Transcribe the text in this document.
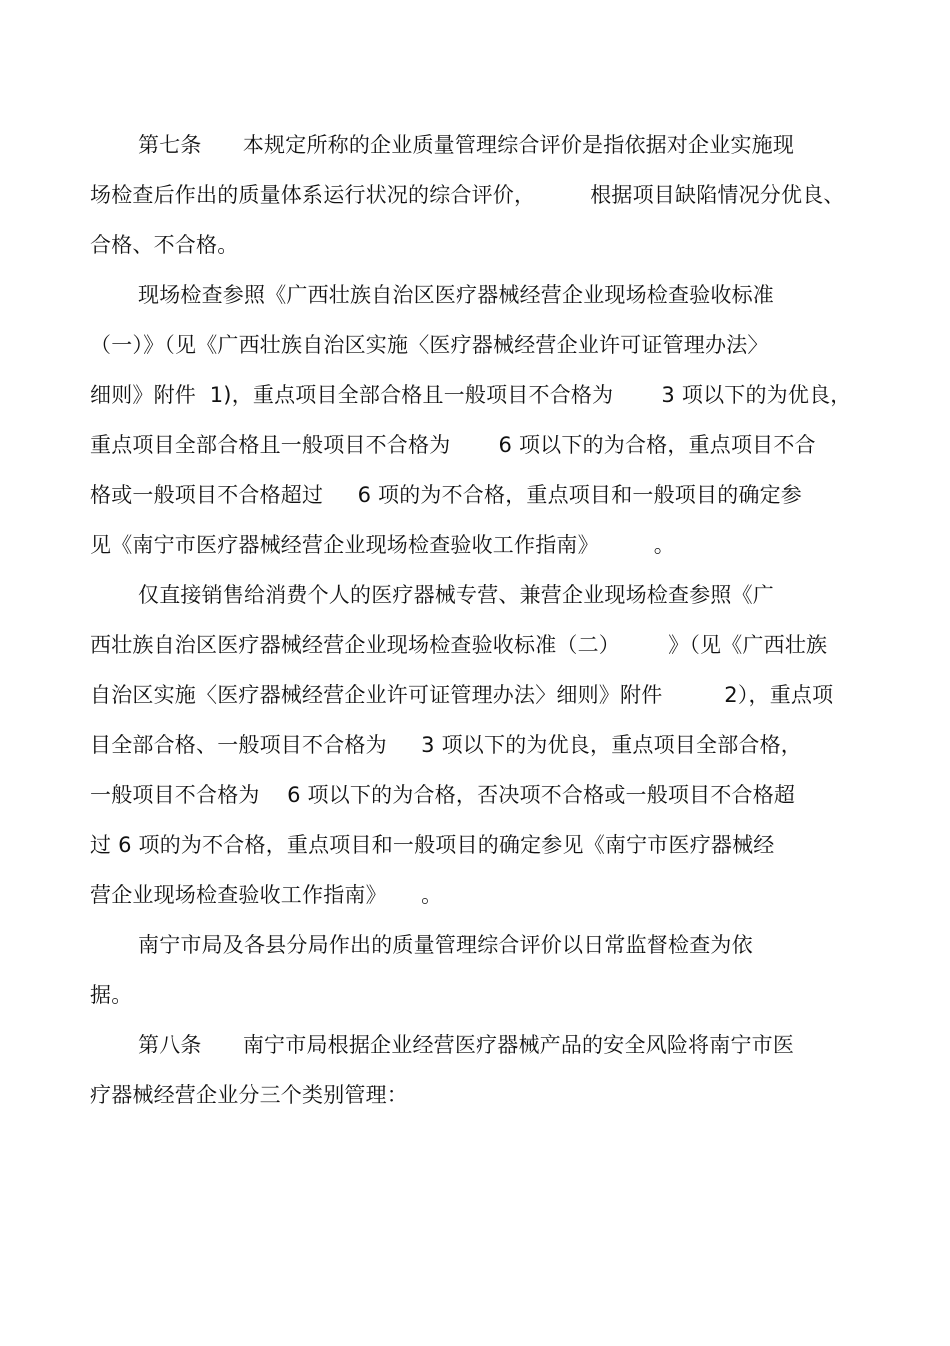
第七条      本规定所称的企业质量管理综合评价是指依据对企业实施现

场检查后作出的质量体系运行状况的综合评价，        根据项目缺陷情况分优良、

合格、不合格。

现场检查参照《广西壮族自治区医疗器械经营企业现场检查验收标准

（一）》（见《广西壮族自治区实施〈医疗器械经营企业许可证管理办法〉

细则》附件  1)，重点项目全部合格且一般项目不合格为       3 项以下的为优良，

重点项目全部合格且一般项目不合格为       6 项以下的为合格，重点项目不合

格或一般项目不合格超过     6 项的为不合格，重点项目和一般项目的确定参

见《南宁市医疗器械经营企业现场检查验收工作指南》        。

仅直接销售给消费个人的医疗器械专营、兼营企业现场检查参照《广

西壮族自治区医疗器械经营企业现场检查验收标准（二）       》（见《广西壮族

自治区实施〈医疗器械经营企业许可证管理办法〉细则》附件         2），重点项

目全部合格、一般项目不合格为     3 项以下的为优良，重点项目全部合格，

一般项目不合格为    6 项以下的为合格，否决项不合格或一般项目不合格超

过 6 项的为不合格，重点项目和一般项目的确定参见《南宁市医疗器械经

营企业现场检查验收工作指南》     。

南宁市局及各县分局作出的质量管理综合评价以日常监督检查为依

据。

第八条      南宁市局根据企业经营医疗器械产品的安全风险将南宁市医

疗器械经营企业分三个类别管理：
